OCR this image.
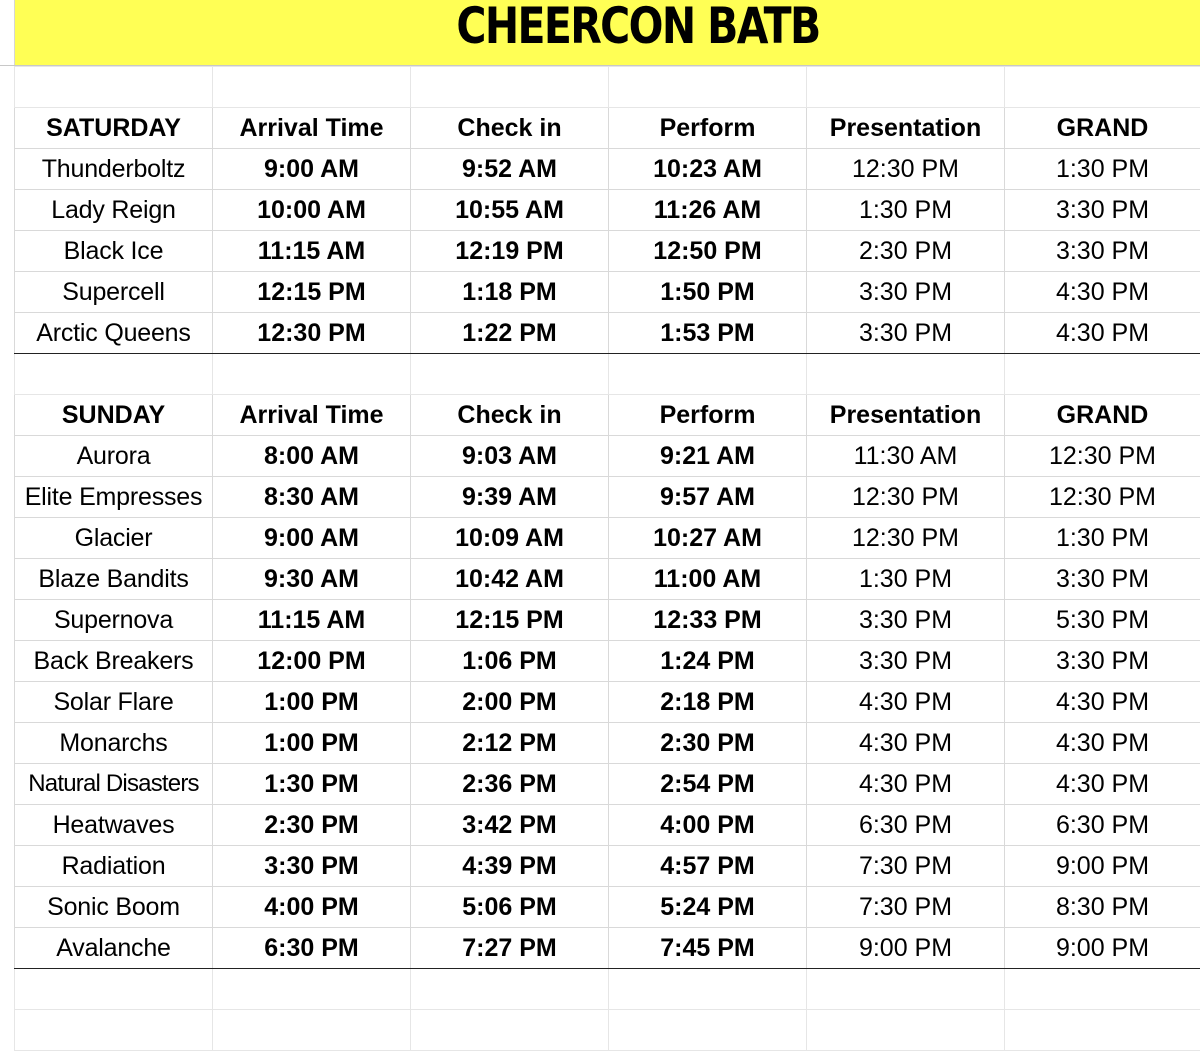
CHEERCON BATB

SATURDAY	Arrival Time	Check in	Perform	Presentation	GRAND
Thunderboltz	9:00 AM	9:52 AM	10:23 AM	12:30 PM	1:30 PM
Lady Reign	10:00 AM	10:55 AM	11:26 AM	1:30 PM	3:30 PM
Black Ice	11:15 AM	12:19 PM	12:50 PM	2:30 PM	3:30 PM
Supercell	12:15 PM	1:18 PM	1:50 PM	3:30 PM	4:30 PM
Arctic Queens	12:30 PM	1:22 PM	1:53 PM	3:30 PM	4:30 PM

SUNDAY	Arrival Time	Check in	Perform	Presentation	GRAND
Aurora	8:00 AM	9:03 AM	9:21 AM	11:30 AM	12:30 PM
Elite Empresses	8:30 AM	9:39 AM	9:57 AM	12:30 PM	12:30 PM
Glacier	9:00 AM	10:09 AM	10:27 AM	12:30 PM	1:30 PM
Blaze Bandits	9:30 AM	10:42 AM	11:00 AM	1:30 PM	3:30 PM
Supernova	11:15 AM	12:15 PM	12:33 PM	3:30 PM	5:30 PM
Back Breakers	12:00 PM	1:06 PM	1:24 PM	3:30 PM	3:30 PM
Solar Flare	1:00 PM	2:00 PM	2:18 PM	4:30 PM	4:30 PM
Monarchs	1:00 PM	2:12 PM	2:30 PM	4:30 PM	4:30 PM
Natural Disasters	1:30 PM	2:36 PM	2:54 PM	4:30 PM	4:30 PM
Heatwaves	2:30 PM	3:42 PM	4:00 PM	6:30 PM	6:30 PM
Radiation	3:30 PM	4:39 PM	4:57 PM	7:30 PM	9:00 PM
Sonic Boom	4:00 PM	5:06 PM	5:24 PM	7:30 PM	8:30 PM
Avalanche	6:30 PM	7:27 PM	7:45 PM	9:00 PM	9:00 PM
